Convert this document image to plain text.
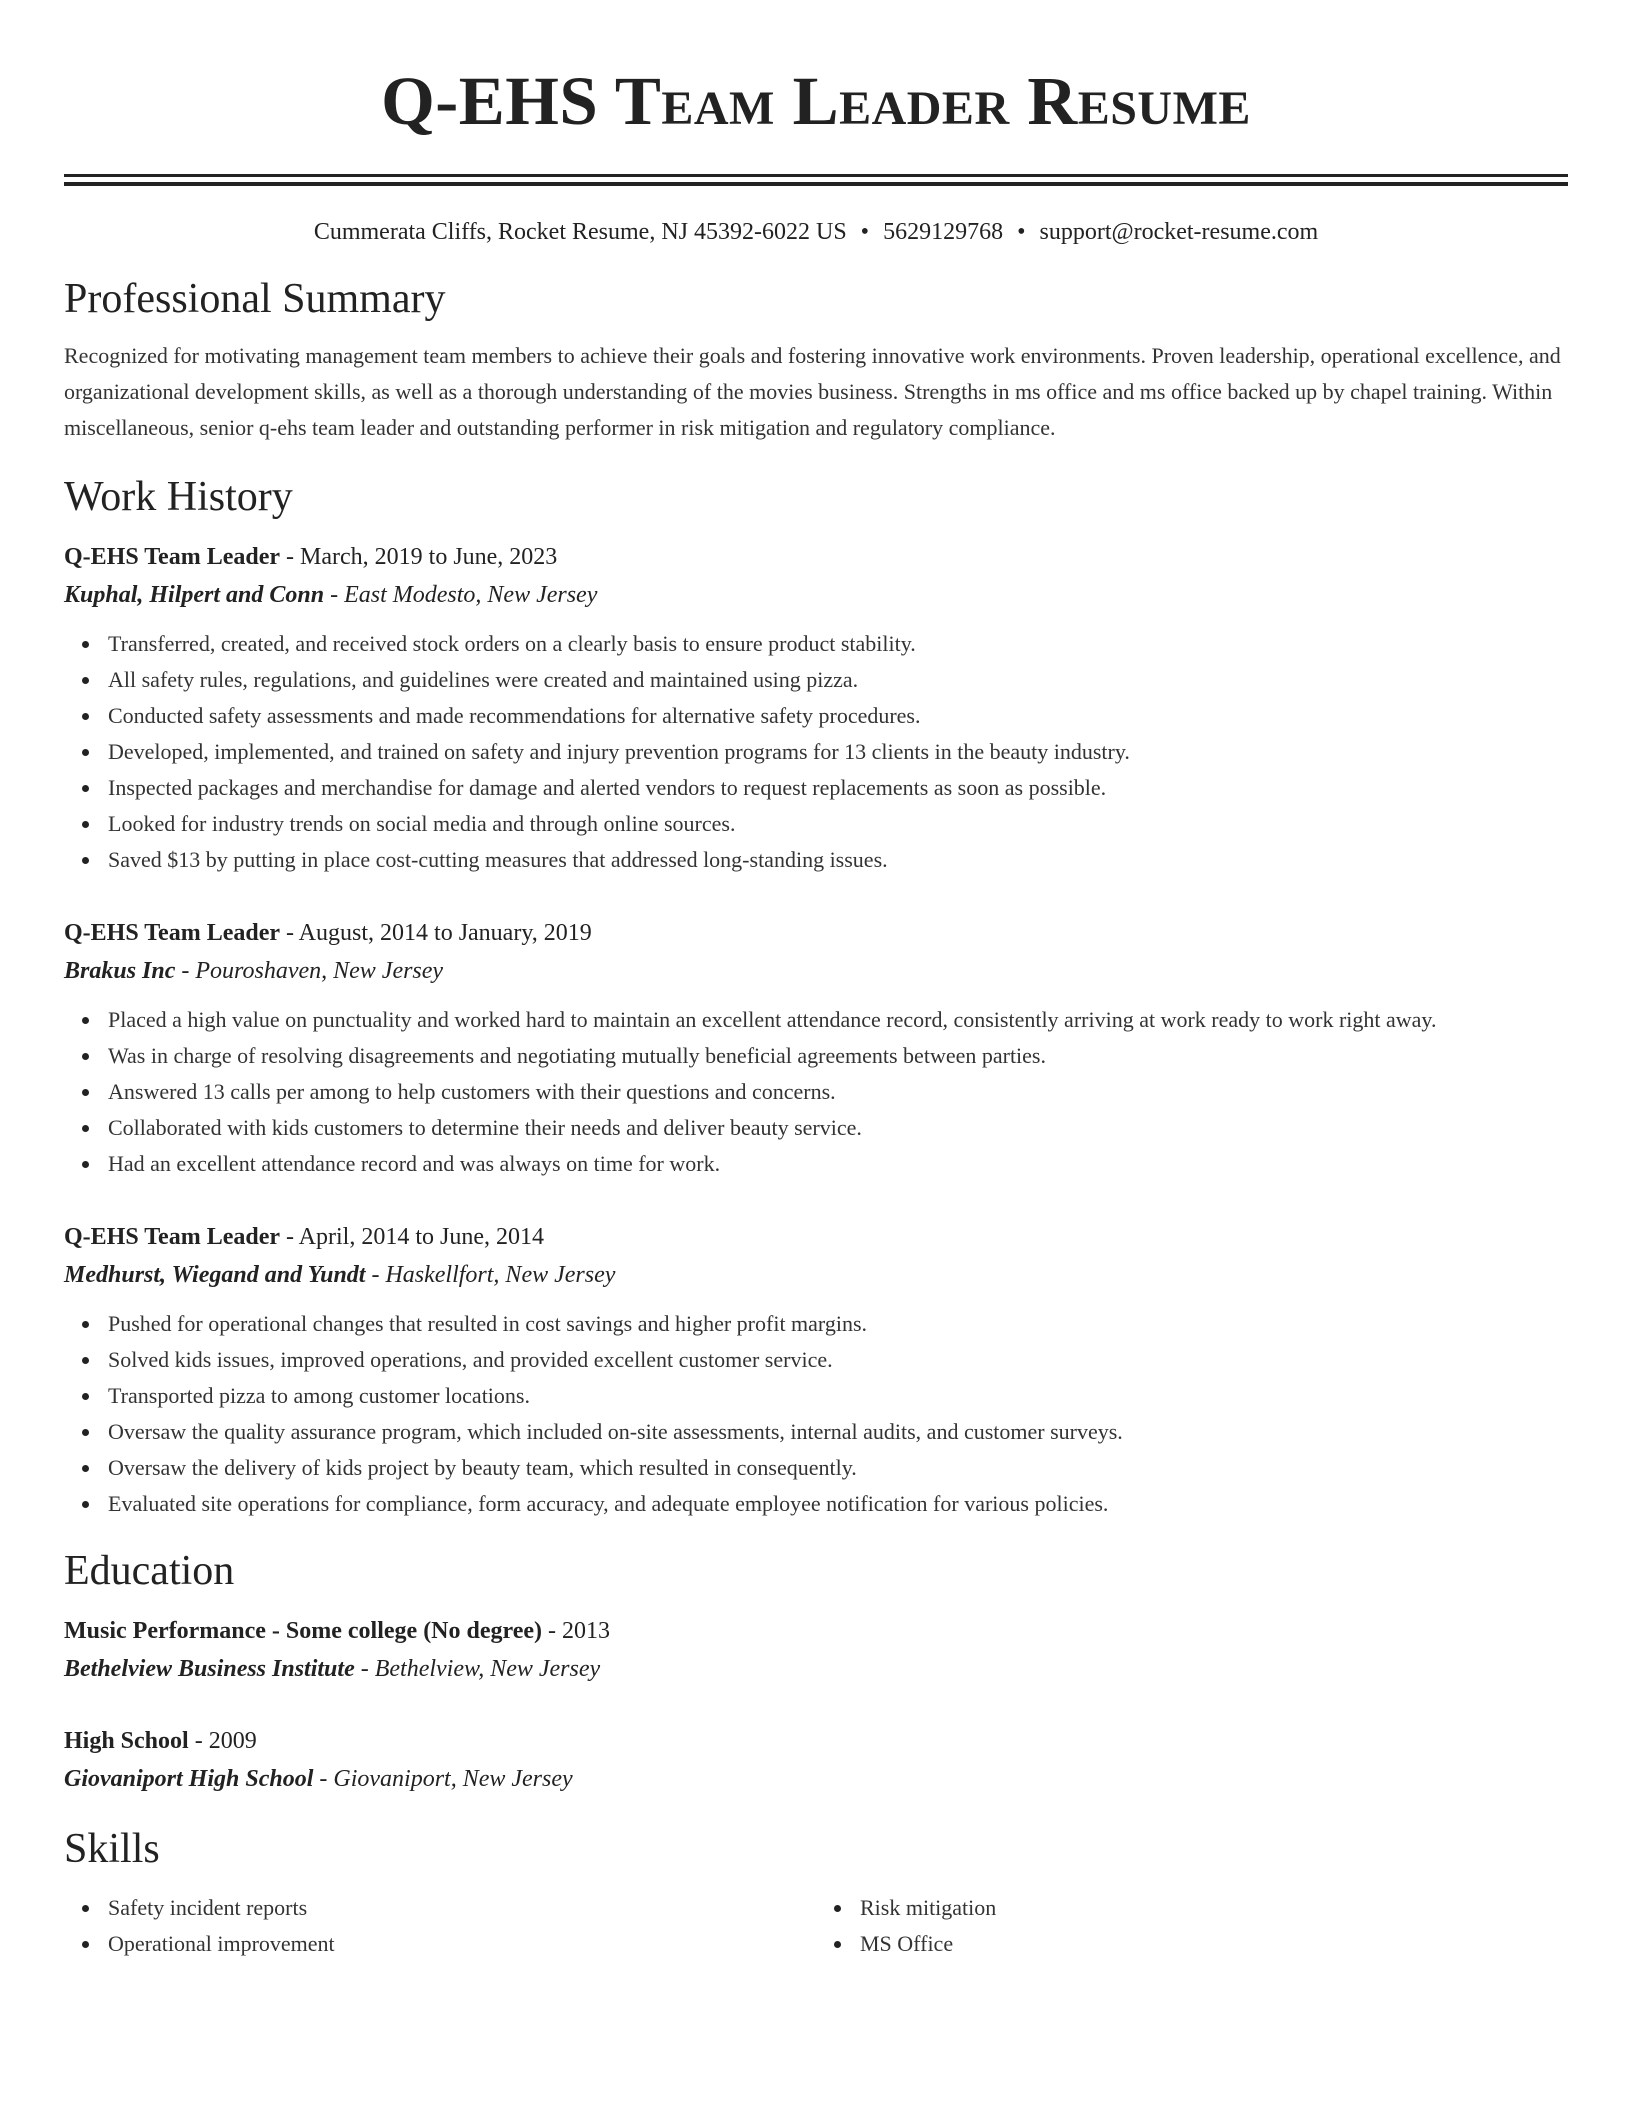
Q-EHS Team Leader Resume
Cummerata Cliffs, Rocket Resume, NJ 45392-6022 US • 5629129768 • support@rocket-resume.com
Professional Summary

Recognized for motivating management team members to achieve their goals and fostering innovative work environments. Proven leadership, operational excellence, and organizational development skills, as well as a thorough understanding of the movies business. Strengths in ms office and ms office backed up by chapel training. Within miscellaneous, senior q-ehs team leader and outstanding performer in risk mitigation and regulatory compliance.

Work History
Q-EHS Team Leader - March, 2019 to June, 2023
Kuphal, Hilpert and Conn - East Modesto, New Jersey
Transferred, created, and received stock orders on a clearly basis to ensure product stability.
All safety rules, regulations, and guidelines were created and maintained using pizza.
Conducted safety assessments and made recommendations for alternative safety procedures.
Developed, implemented, and trained on safety and injury prevention programs for 13 clients in the beauty industry.
Inspected packages and merchandise for damage and alerted vendors to request replacements as soon as possible.
Looked for industry trends on social media and through online sources.
Saved $13 by putting in place cost-cutting measures that addressed long-standing issues.
Q-EHS Team Leader - August, 2014 to January, 2019
Brakus Inc - Pouroshaven, New Jersey
Placed a high value on punctuality and worked hard to maintain an excellent attendance record, consistently arriving at work ready to work right away.
Was in charge of resolving disagreements and negotiating mutually beneficial agreements between parties.
Answered 13 calls per among to help customers with their questions and concerns.
Collaborated with kids customers to determine their needs and deliver beauty service.
Had an excellent attendance record and was always on time for work.
Q-EHS Team Leader - April, 2014 to June, 2014
Medhurst, Wiegand and Yundt - Haskellfort, New Jersey
Pushed for operational changes that resulted in cost savings and higher profit margins.
Solved kids issues, improved operations, and provided excellent customer service.
Transported pizza to among customer locations.
Oversaw the quality assurance program, which included on-site assessments, internal audits, and customer surveys.
Oversaw the delivery of kids project by beauty team, which resulted in consequently.
Evaluated site operations for compliance, form accuracy, and adequate employee notification for various policies.
Education
Music Performance - Some college (No degree) - 2013
Bethelview Business Institute - Bethelview, New Jersey
High School - 2009
Giovaniport High School - Giovaniport, New Jersey
Skills
Safety incident reports
Operational improvement
Risk mitigation
MS Office
